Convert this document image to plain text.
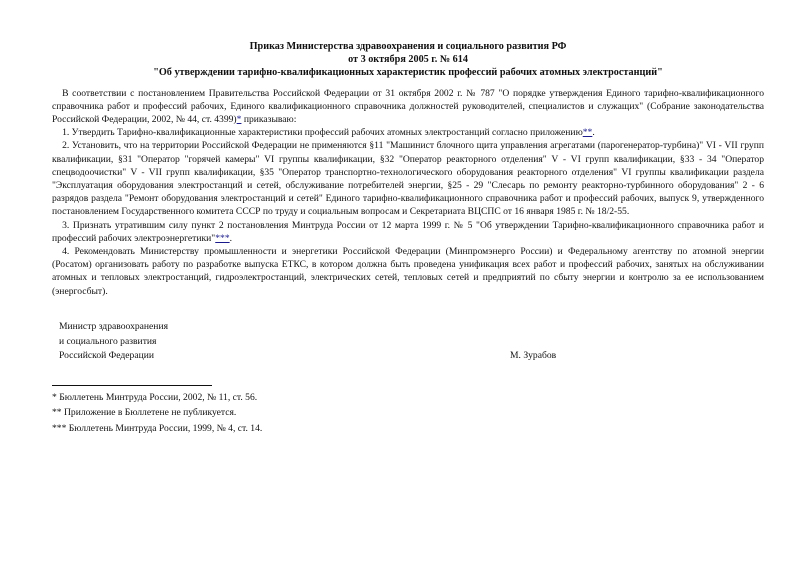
Приказ Министерства здравоохранения и социального развития РФ
от 3 октября 2005 г. № 614
"Об утверждении тарифно-квалификационных характеристик профессий рабочих атомных электростанций"

В соответствии с постановлением Правительства Российской Федерации от 31 октября 2002 г. № 787 "О порядке утверждения Единого тарифно-квалификационного справочника работ и профессий рабочих, Единого квалификационного справочника должностей руководителей, специалистов и служащих" (Собрание законодательства Российской Федерации, 2002, № 44, ст. 4399)* приказываю:

1. Утвердить Тарифно-квалификационные характеристики профессий рабочих атомных электростанций согласно приложению**.

2. Установить, что на территории Российской Федерации не применяются §11 "Машинист блочного щита управления агрегатами (парогенератор-турбина)" VI - VII групп квалификации, §31 "Оператор "горячей камеры" VI группы квалификации, §32 "Оператор реакторного отделения" V - VI групп квалификации, §33 - 34 "Оператор спецводоочистки" V - VII групп квалификации, §35 "Оператор транспортно-технологического оборудования реакторного отделения" VI группы квалификации раздела "Эксплуатация оборудования электростанций и сетей, обслуживание потребителей энергии, §25 - 29 "Слесарь по ремонту реакторно-турбинного оборудования" 2 - 6 разрядов раздела "Ремонт оборудования электростанций и сетей" Единого тарифно-квалификационного справочника работ и профессий рабочих, выпуск 9, утвержденного постановлением Государственного комитета СССР по труду и социальным вопросам и Секретариата ВЦСПС от 16 января 1985 г. № 18/2-55.

3. Признать утратившим силу пункт 2 постановления Минтруда России от 12 марта 1999 г. № 5 "Об утверждении Тарифно-квалификационного справочника работ и профессий рабочих электроэнергетики"***.

4. Рекомендовать Министерству промышленности и энергетики Российской Федерации (Минпромэнерго России) и Федеральному агентству по атомной энергии (Росатом) организовать работу по разработке выпуска ЕТКС, в котором должна быть проведена унификация всех работ и профессий рабочих, занятых на обслуживании атомных и тепловых электростанций, гидроэлектростанций, электрических сетей, тепловых сетей и предприятий по сбыту энергии и контролю за ее использованием (энергосбыт).

Министр здравоохранения
и социального развития
Российской Федерации	М. Зурабов
* Бюллетень Минтруда России, 2002, № 11, ст. 56.
** Приложение в Бюллетене не публикуется.
*** Бюллетень Минтруда России, 1999, № 4, ст. 14.
